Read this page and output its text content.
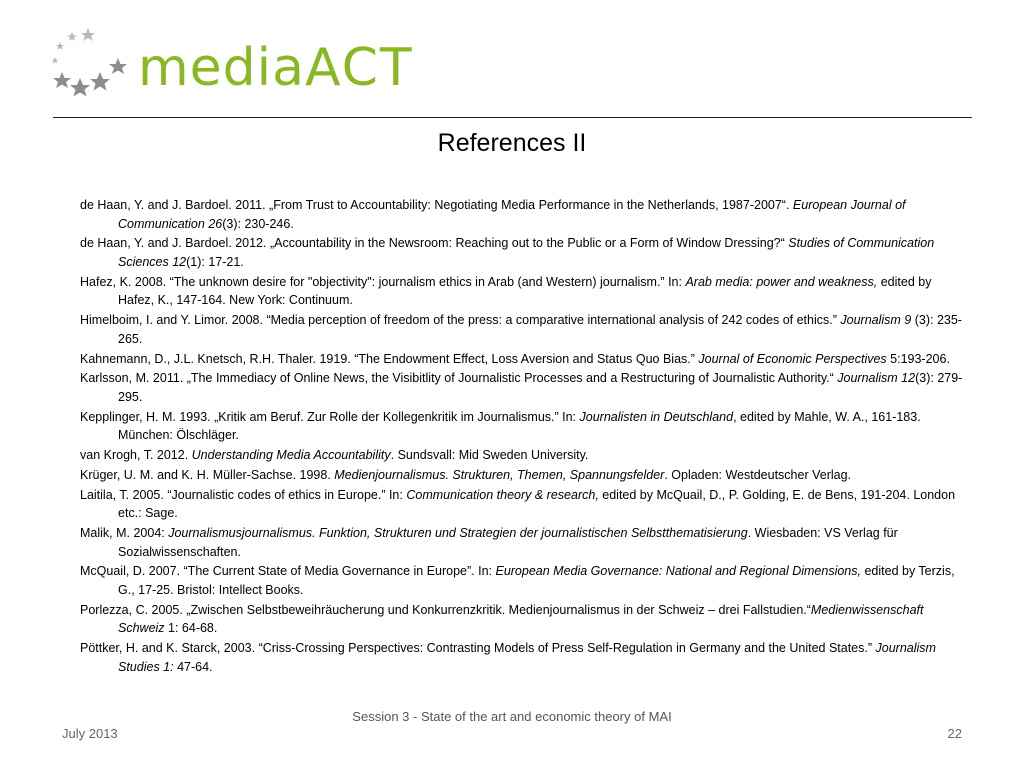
mediaACT
References II
de Haan, Y. and J. Bardoel. 2011. „From Trust to Accountability: Negotiating Media Performance in the Netherlands, 1987-2007“. European Journal of Communication 26(3): 230-246.
de Haan, Y. and J. Bardoel. 2012. „Accountability in the Newsroom: Reaching out to the Public or a Form of Window Dressing?“ Studies of Communication Sciences 12(1): 17-21.
Hafez, K. 2008. “The unknown desire for "objectivity": journalism ethics in Arab (and Western) journalism.” In: Arab media: power and weakness, edited by Hafez, K., 147-164. New York: Continuum.
Himelboim, I. and Y. Limor. 2008. “Media perception of freedom of the press: a comparative international analysis of 242 codes of ethics.” Journalism 9 (3): 235-265.
Kahnemann, D., J.L. Knetsch, R.H. Thaler. 1919. “The Endowment Effect, Loss Aversion and Status Quo Bias.” Journal of Economic Perspectives 5:193-206.
Karlsson, M. 2011. „The Immediacy of Online News, the Visibitlity of Journalistic Processes and a Restructuring of Journalistic Authority.“ Journalism 12(3): 279-295.
Kepplinger, H. M. 1993. „Kritik am Beruf. Zur Rolle der Kollegenkritik im Journalismus.” In: Journalisten in Deutschland, edited by Mahle, W. A., 161-183. München: Ölschläger.
van Krogh, T. 2012. Understanding Media Accountability. Sundsvall: Mid Sweden University.
Krüger, U. M. and K. H. Müller-Sachse. 1998. Medienjournalismus. Strukturen, Themen, Spannungsfelder. Opladen: Westdeutscher Verlag.
Laitila, T. 2005. “Journalistic codes of ethics in Europe.” In: Communication theory & research, edited by McQuail, D., P. Golding, E. de Bens, 191-204. London etc.: Sage.
Malik, M. 2004: Journalismusjournalismus. Funktion, Strukturen und Strategien der journalistischen Selbstthematisierung. Wiesbaden: VS Verlag für Sozialwissenschaften.
McQuail, D. 2007. “The Current State of Media Governance in Europe”. In: European Media Governance: National and Regional Dimensions, edited by Terzis, G., 17-25. Bristol: Intellect Books.
Porlezza, C. 2005. „Zwischen Selbstbeweihräucherung und Konkurrenzkritik. Medienjournalismus in der Schweiz – drei Fallstudien.“Medienwissenschaft Schweiz 1: 64-68.
Pöttker, H. and K. Starck, 2003. “Criss-Crossing Perspectives: Contrasting Models of Press Self-Regulation in Germany and the United States.” Journalism Studies 1: 47-64.
Session 3 - State of the art and economic theory of MAI
July 2013	22
